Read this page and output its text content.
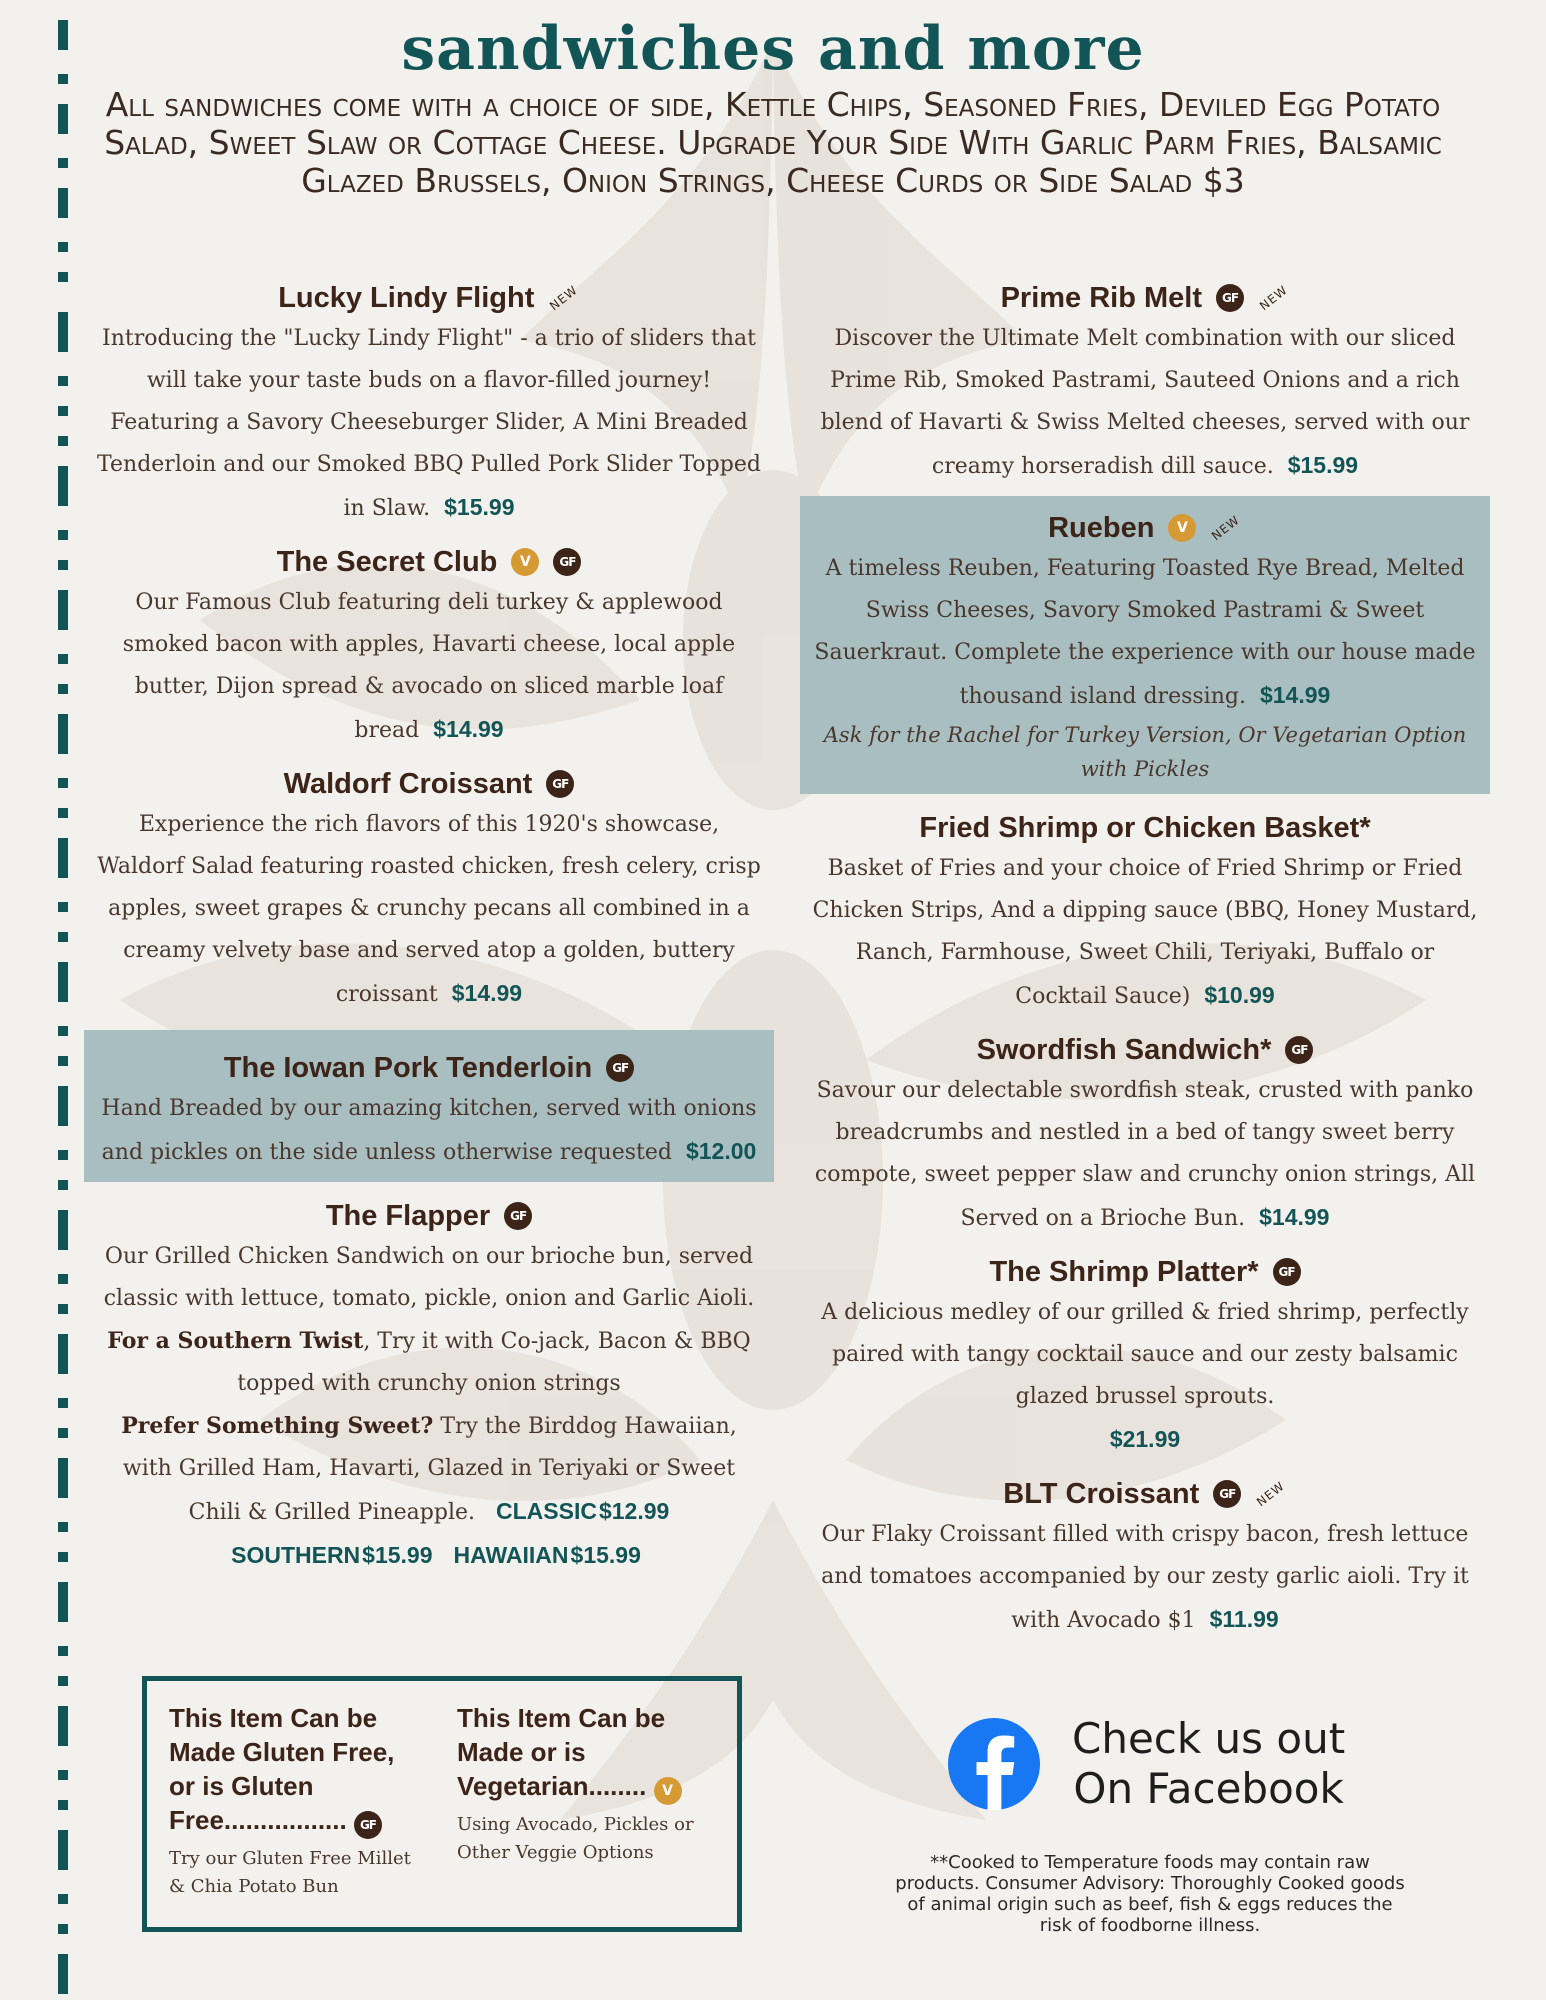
sandwiches and more

All sandwiches come with a choice of side, Kettle Chips, Seasoned Fries, Deviled Egg Potato Salad, Sweet Slaw or Cottage Cheese. Upgrade Your Side With Garlic Parm Fries, Balsamic Glazed Brussels, Onion Strings, Cheese Curds or Side Salad $3

Lucky Lindy Flight NEW

Introducing the "Lucky Lindy Flight" - a trio of sliders that will take your taste buds on a flavor-filled journey! Featuring a Savory Cheeseburger Slider, A Mini Breaded Tenderloin and our Smoked BBQ Pulled Pork Slider Topped in Slaw. $15.99

The Secret Club	V	GF

Our Famous Club featuring deli turkey & applewood smoked bacon with apples, Havarti cheese, local apple butter, Dijon spread & avocado on sliced marble loaf bread $14.99

Waldorf Croissant	GF

Experience the rich flavors of this 1920's showcase, Waldorf Salad featuring roasted chicken, fresh celery, crisp apples, sweet grapes & crunchy pecans all combined in a creamy velvety base and served atop a golden, buttery croissant $14.99

The Iowan Pork Tenderloin	GF

Hand Breaded by our amazing kitchen, served with onions and pickles on the side unless otherwise requested $12.00

The Flapper	GF

Our Grilled Chicken Sandwich on our brioche bun, served classic with lettuce, tomato, pickle, onion and Garlic Aioli. For a Southern Twist, Try it with Co-jack, Bacon & BBQ topped with crunchy onion strings
Prefer Something Sweet? Try the Birddog Hawaiian, with Grilled Ham, Havarti, Glazed in Teriyaki or Sweet Chili & Grilled Pineapple. CLASSIC$12.99 SOUTHERN$15.99 HAWAIIAN$15.99

Prime Rib Melt	GF	NEW

Discover the Ultimate Melt combination with our sliced Prime Rib, Smoked Pastrami, Sauteed Onions and a rich blend of Havarti & Swiss Melted cheeses, served with our creamy horseradish dill sauce. $15.99

Rueben	V	NEW

A timeless Reuben, Featuring Toasted Rye Bread, Melted Swiss Cheeses, Savory Smoked Pastrami & Sweet Sauerkraut. Complete the experience with our house made thousand island dressing. $14.99

Ask for the Rachel for Turkey Version, Or Vegetarian Option with Pickles

Fried Shrimp or Chicken Basket*

Basket of Fries and your choice of Fried Shrimp or Fried Chicken Strips, And a dipping sauce (BBQ, Honey Mustard, Ranch, Farmhouse, Sweet Chili, Teriyaki, Buffalo or Cocktail Sauce) $10.99

Swordfish Sandwich*	GF

Savour our delectable swordfish steak, crusted with panko breadcrumbs and nestled in a bed of tangy sweet berry compote, sweet pepper slaw and crunchy onion strings, All Served on a Brioche Bun. $14.99

The Shrimp Platter*	GF

A delicious medley of our grilled & fried shrimp, perfectly paired with tangy cocktail sauce and our zesty balsamic glazed brussel sprouts.
$21.99

BLT Croissant	GF	NEW

Our Flaky Croissant filled with crispy bacon, fresh lettuce and tomatoes accompanied by our zesty garlic aioli. Try it with Avocado $1 $11.99

This Item Can be Made Gluten Free, or is Gluten Free................. GF

Try our Gluten Free Millet & Chia Potato Bun

This Item Can be Made or is Vegetarian........ V

Using Avocado, Pickles or Other Veggie Options

Check us out
On Facebook

**Cooked to Temperature foods may contain raw products. Consumer Advisory: Thoroughly Cooked goods of animal origin such as beef, fish & eggs reduces the risk of foodborne illness.
